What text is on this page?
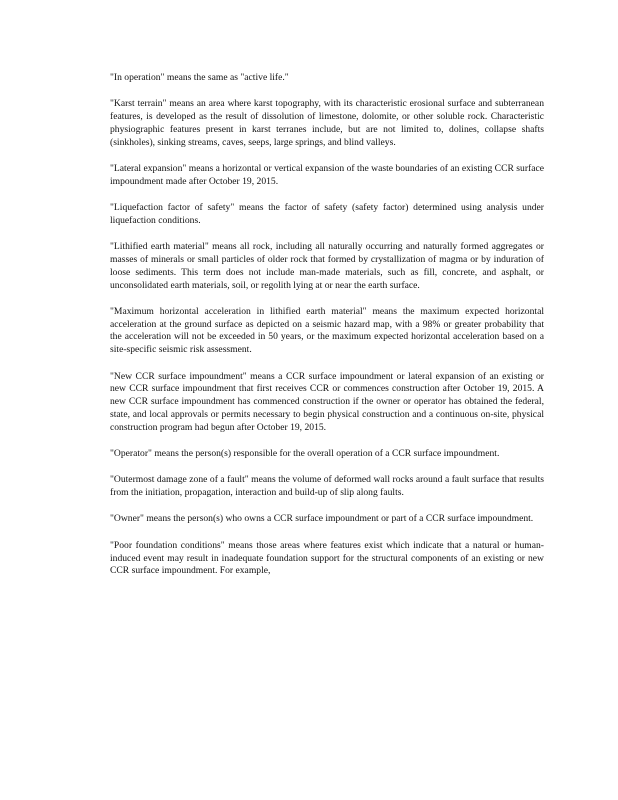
"In operation" means the same as "active life."

"Karst terrain" means an area where karst topography, with its characteristic erosional surface and subterranean features, is developed as the result of dissolution of limestone, dolomite, or other soluble rock. Characteristic physiographic features present in karst terranes include, but are not limited to, dolines, collapse shafts (sinkholes), sinking streams, caves, seeps, large springs, and blind valleys.

"Lateral expansion" means a horizontal or vertical expansion of the waste boundaries of an existing CCR surface impoundment made after October 19, 2015.

"Liquefaction factor of safety" means the factor of safety (safety factor) determined using analysis under liquefaction conditions.

"Lithified earth material" means all rock, including all naturally occurring and naturally formed aggregates or masses of minerals or small particles of older rock that formed by crystallization of magma or by induration of loose sediments. This term does not include man-made materials, such as fill, concrete, and asphalt, or unconsolidated earth materials, soil, or regolith lying at or near the earth surface.

"Maximum horizontal acceleration in lithified earth material" means the maximum expected horizontal acceleration at the ground surface as depicted on a seismic hazard map, with a 98% or greater probability that the acceleration will not be exceeded in 50 years, or the maximum expected horizontal acceleration based on a site-specific seismic risk assessment.

"New CCR surface impoundment" means a CCR surface impoundment or lateral expansion of an existing or new CCR surface impoundment that first receives CCR or commences construction after October 19, 2015. A new CCR surface impoundment has commenced construction if the owner or operator has obtained the federal, state, and local approvals or permits necessary to begin physical construction and a continuous on-site, physical construction program had begun after October 19, 2015.

"Operator" means the person(s) responsible for the overall operation of a CCR surface impoundment.

"Outermost damage zone of a fault" means the volume of deformed wall rocks around a fault surface that results from the initiation, propagation, interaction and build-up of slip along faults.

"Owner" means the person(s) who owns a CCR surface impoundment or part of a CCR surface impoundment.

"Poor foundation conditions" means those areas where features exist which indicate that a natural or human-induced event may result in inadequate foundation support for the structural components of an existing or new CCR surface impoundment. For example,
